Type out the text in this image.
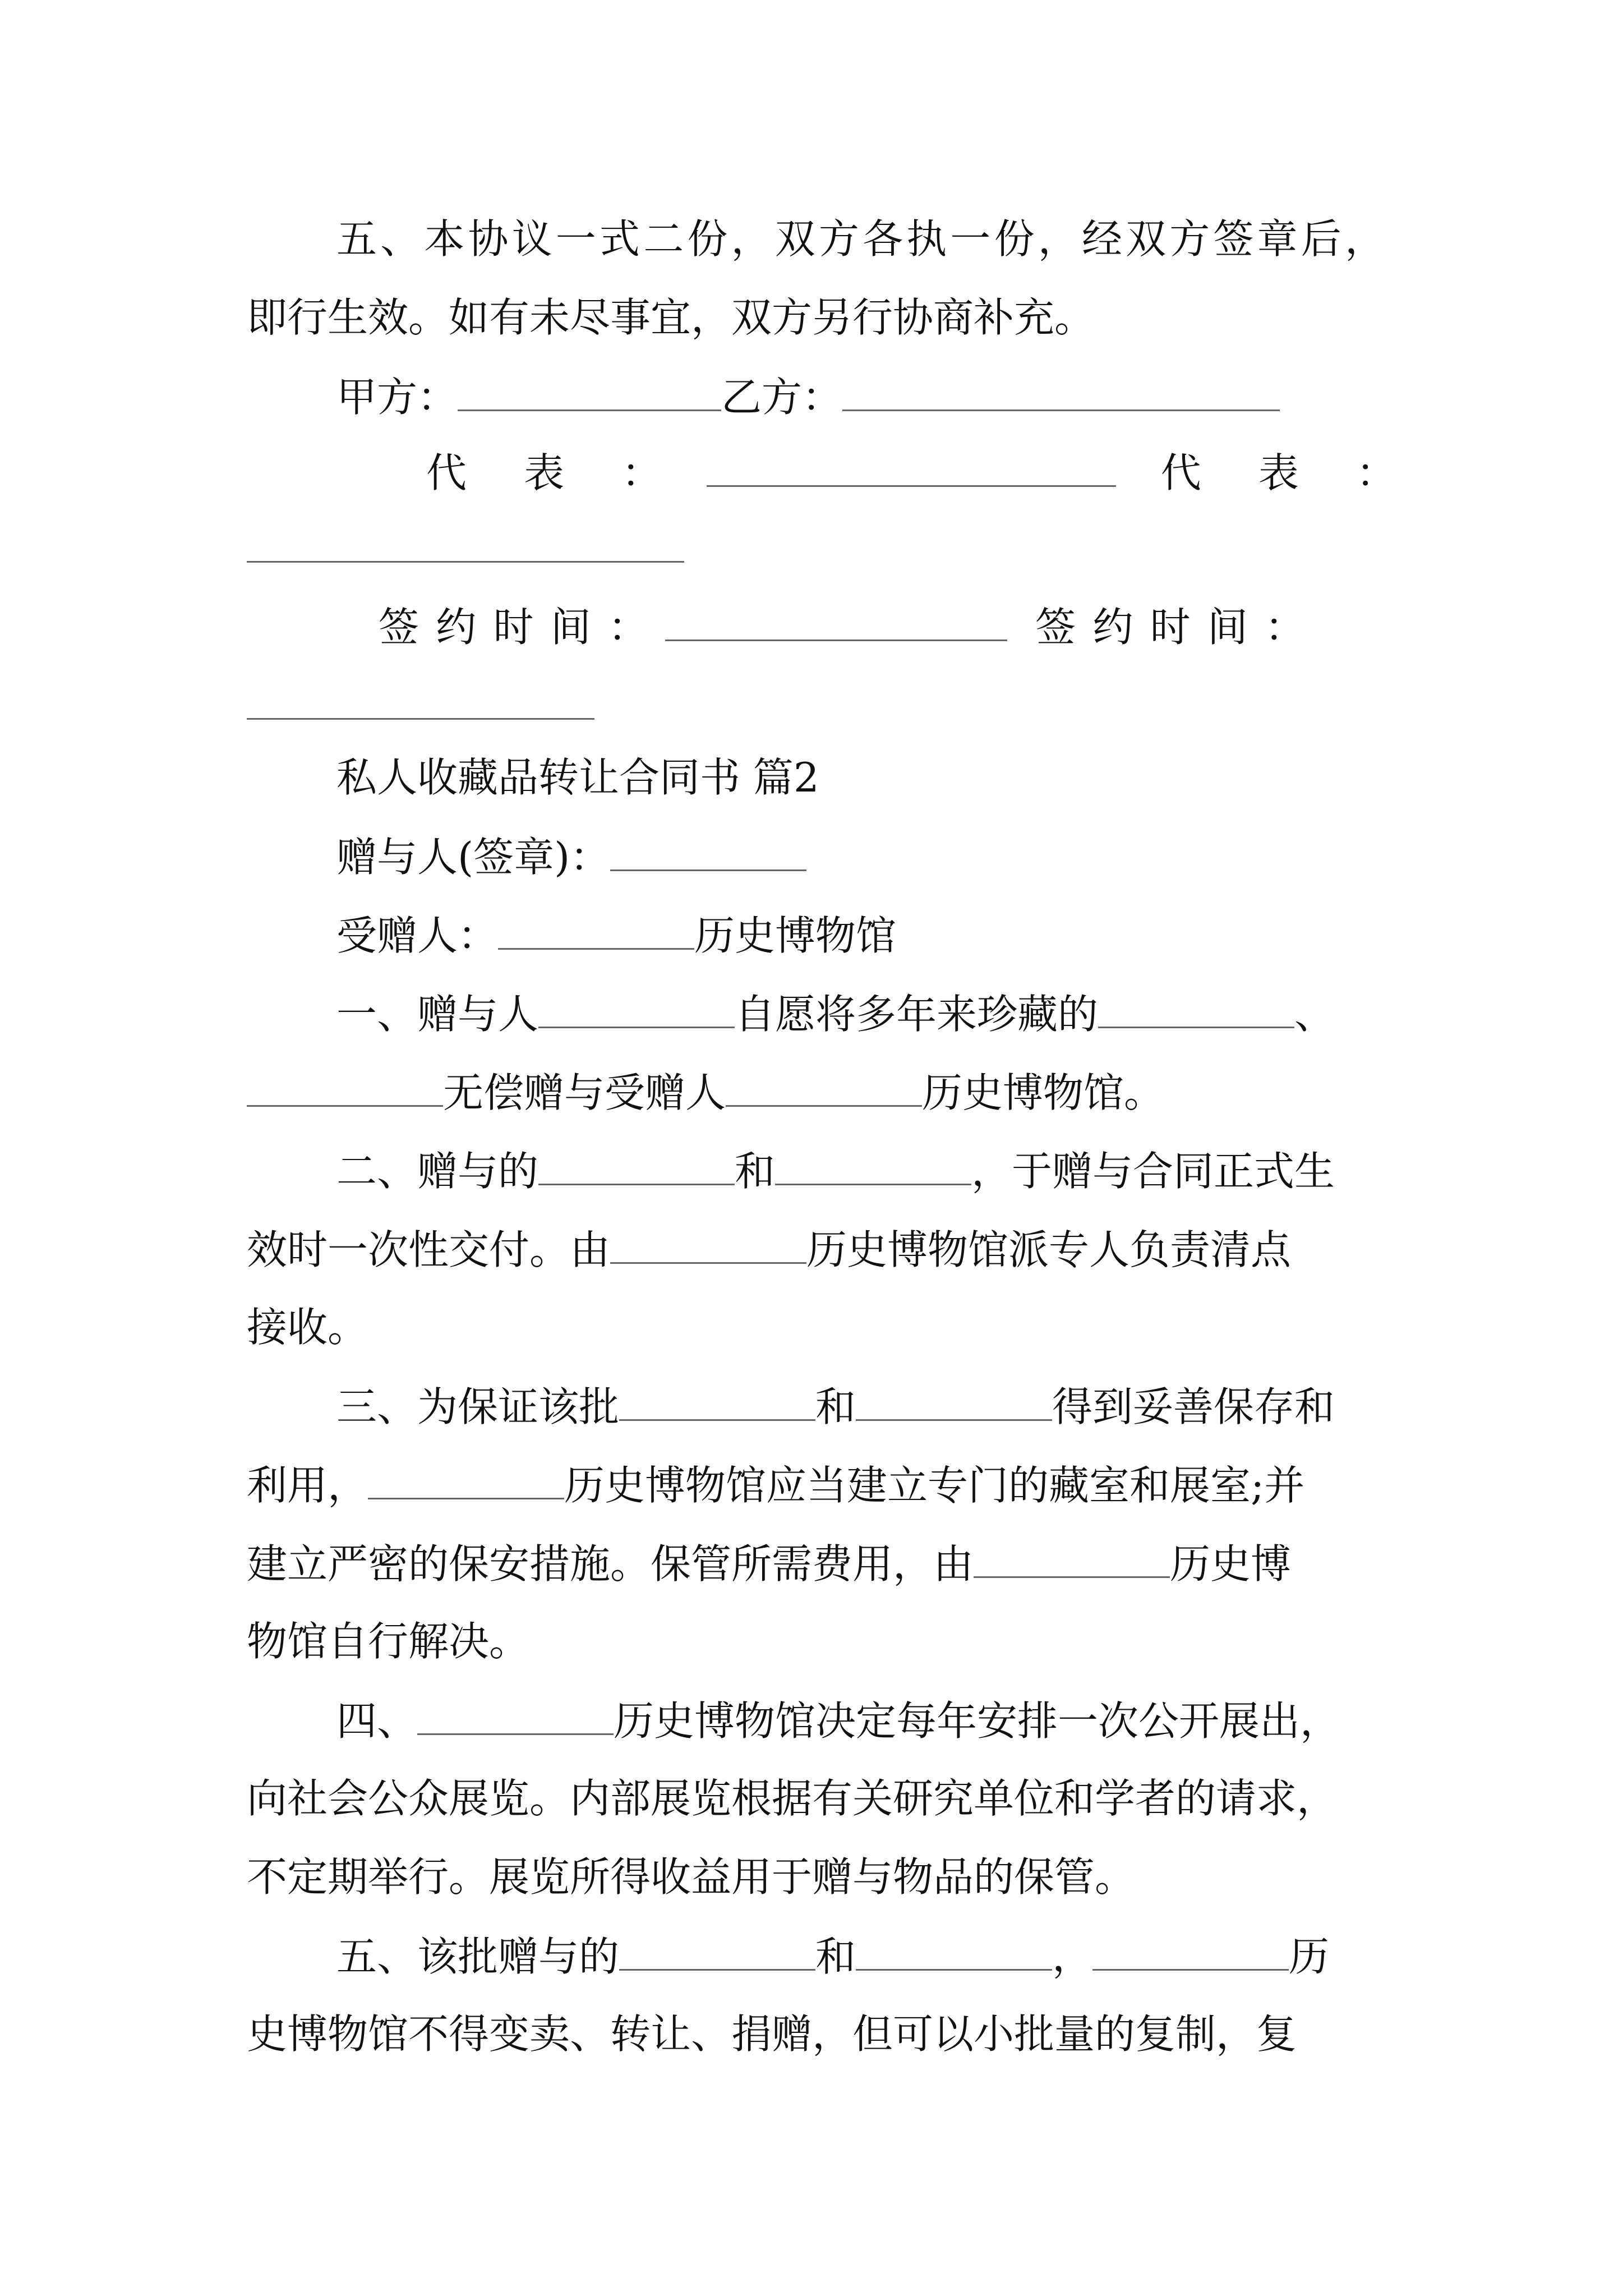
五、本协议一式二份，双方各执一份，经双方签章后，
即行生效。如有未尽事宜，双方另行协商补充。
甲方：	乙方：
代 表 ：	代 表 ：
签约时间：	签约时间：
私人收藏品转让合同书 篇2
赠与人(签章)：
受赠人：	历史博物馆
一、赠与人	自愿将多年来珍藏的	、
无偿赠与受赠人	历史博物馆。
二、赠与的	和	，于赠与合同正式生
效时一次性交付。由	历史博物馆派专人负责清点
接收。
三、为保证该批	和	得到妥善保存和
利用，	历史博物馆应当建立专门的藏室和展室;并
建立严密的保安措施。保管所需费用，由	历史博
物馆自行解决。
四、	历史博物馆决定每年安排一次公开展出，
向社会公众展览。内部展览根据有关研究单位和学者的请求，
不定期举行。展览所得收益用于赠与物品的保管。
五、该批赠与的	和	，	历
史博物馆不得变卖、转让、捐赠，但可以小批量的复制，复
